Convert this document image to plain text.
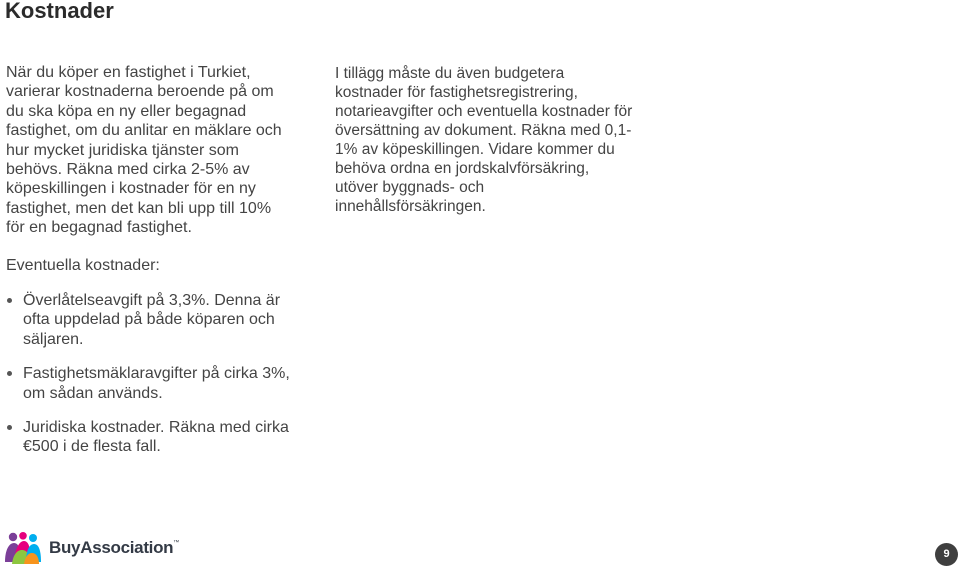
Kostnader

När du köper en fastighet i Turkiet, varierar kostnaderna beroende på om du ska köpa en ny eller begagnad fastighet, om du anlitar en mäklare och hur mycket juridiska tjänster som behövs. Räkna med cirka 2-5% av köpeskillingen i kostnader för en ny fastighet, men det kan bli upp till 10% för en begagnad fastighet.

I tillägg måste du även budgetera kostnader för fastighetsregistrering, notarieavgifter och eventuella kostnader för översättning av dokument. Räkna med 0,1-1% av köpeskillingen. Vidare kommer du behöva ordna en jordskalvförsäkring, utöver byggnads- och innehållsförsäkringen.

Eventuella kostnader:

Överlåtelseavgift på 3,3%. Denna är ofta uppdelad på både köparen och säljaren.
Fastighetsmäklaravgifter på cirka 3%, om sådan används.
Juridiska kostnader. Räkna med cirka €500 i de flesta fall.
BuyAssociation™
9
